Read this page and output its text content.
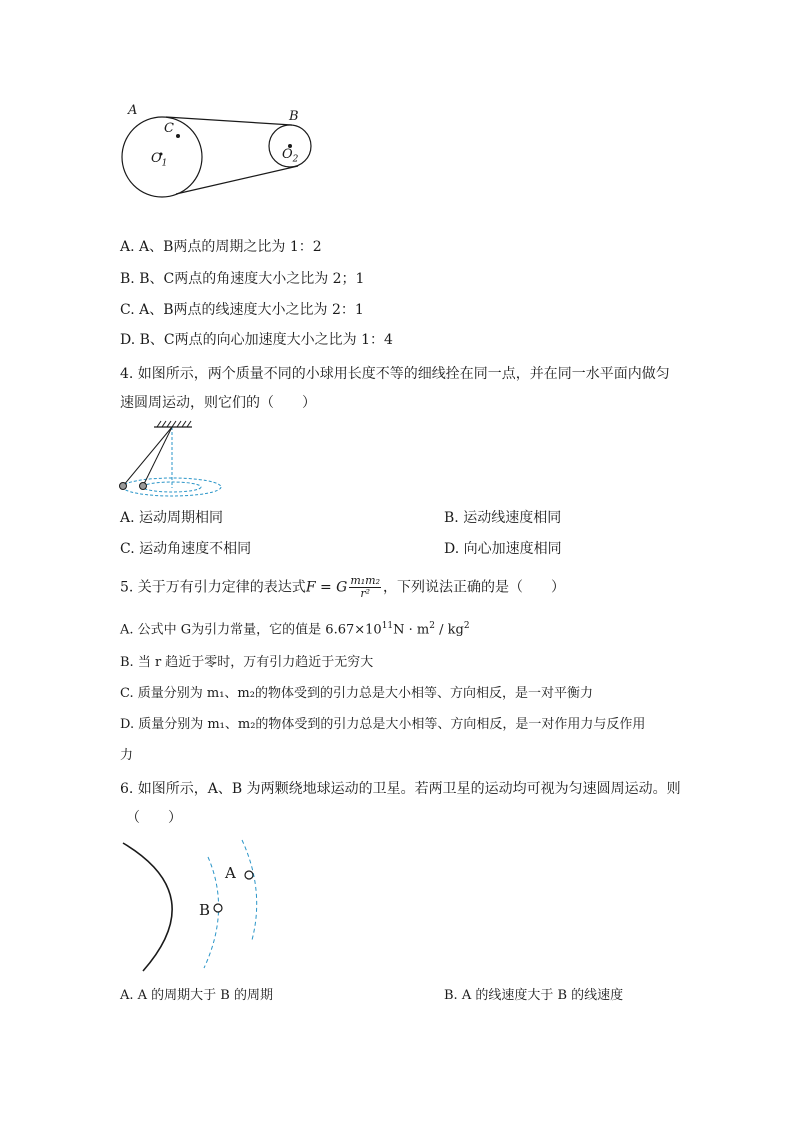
A
C
B
$O_1$
$O_2$
A. A、B两点的周期之比为 1：2
B. B、C两点的角速度大小之比为 2；1
C. A、B两点的线速度大小之比为 2：1
D. B、C两点的向心加速度大小之比为 1：4
4. 如图所示，两个质量不同的小球用长度不等的细线拴在同一点，并在同一水平面内做匀
速圆周运动，则它们的（　　）
A. 运动周期相同	B. 运动线速度相同
C. 运动角速度不相同	D. 向心加速度相同
5. 关于万有引力定律的表达式F = G $\frac{\text{m₁m₂}}{\text{r²}}$ ，下列说法正确的是（　　）
A. 公式中 G为引力常量，它的值是 $6.67\times 10^{11}N \cdot m^2 / kg^2$
B. 当 r 趋近于零时，万有引力趋近于无穷大
C. 质量分别为 m₁、m₂的物体受到的引力总是大小相等、方向相反，是一对平衡力
D. 质量分别为 m₁、m₂的物体受到的引力总是大小相等、方向相反，是一对作用力与反作用
力
6. 如图所示，A、B 为两颗绕地球运动的卫星。若两卫星的运动均可视为匀速圆周运动。则
（　　）
A
B
A. A 的周期大于 B 的周期	B. A 的线速度大于 B 的线速度
